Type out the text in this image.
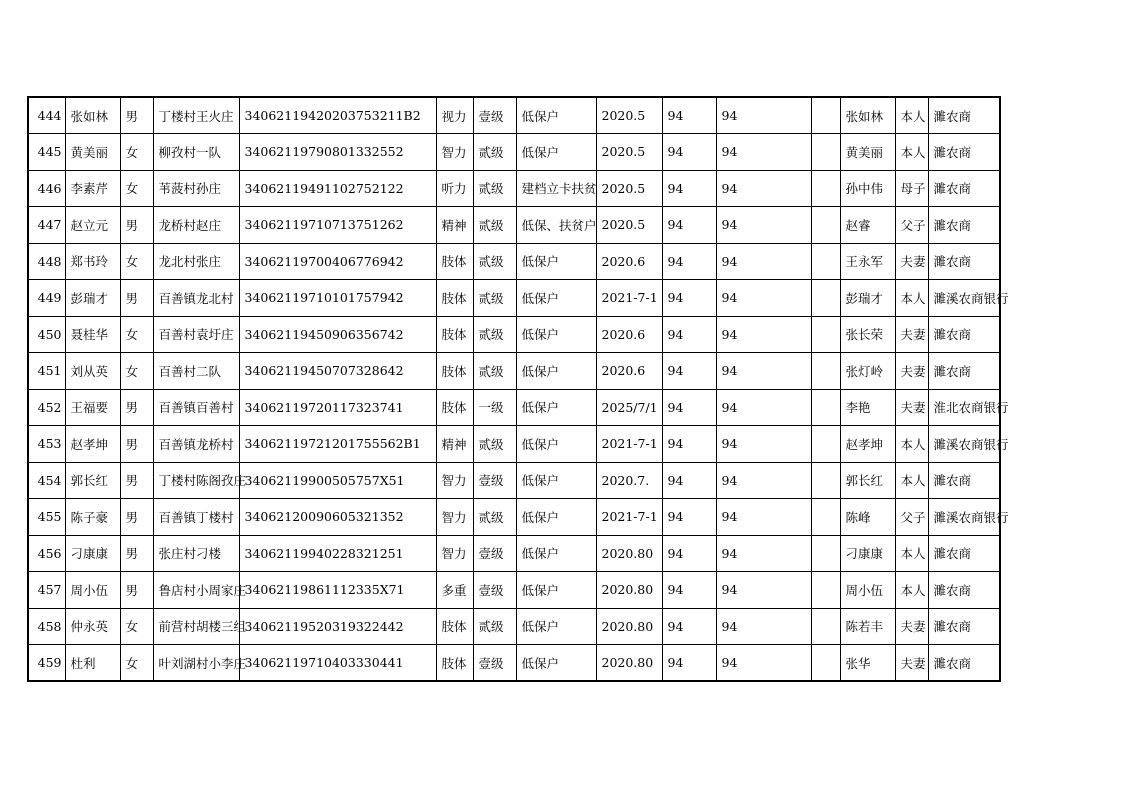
444	张如林	男	丁楼村王火庄	34062119420203753211B2	视力	壹级	低保户	2020.5	94	94		张如林	本人	濉农商
445	黄美丽	女	柳孜村一队	34062119790801332552	智力	贰级	低保户	2020.5	94	94		黄美丽	本人	濉农商
446	李素芹	女	苇菠村孙庄	34062119491102752122	听力	贰级	建档立卡扶贫	2020.5	94	94		孙中伟	母子	濉农商
447	赵立元	男	龙桥村赵庄	34062119710713751262	精神	贰级	低保、扶贫户	2020.5	94	94		赵睿	父子	濉农商
448	郑书玲	女	龙北村张庄	34062119700406776942	肢体	贰级	低保户	2020.6	94	94		王永军	夫妻	濉农商
449	彭瑞才	男	百善镇龙北村	34062119710101757942	肢体	贰级	低保户	2021-7-1	94	94		彭瑞才	本人	濉溪农商银行
450	聂桂华	女	百善村袁圩庄	34062119450906356742	肢体	贰级	低保户	2020.6	94	94		张长荣	夫妻	濉农商
451	刘从英	女	百善村二队	34062119450707328642	肢体	贰级	低保户	2020.6	94	94		张灯岭	夫妻	濉农商
452	王福要	男	百善镇百善村	34062119720117323741	肢体	一级	低保户	2025/7/1	94	94		李艳	夫妻	淮北农商银行
453	赵孝坤	男	百善镇龙桥村	34062119721201755562B1	精神	贰级	低保户	2021-7-1	94	94		赵孝坤	本人	濉溪农商银行
454	郭长红	男	丁楼村陈阁孜庄	34062119900505757X51	智力	壹级	低保户	2020.7.	94	94		郭长红	本人	濉农商
455	陈子豪	男	百善镇丁楼村	34062120090605321352	智力	贰级	低保户	2021-7-1	94	94		陈峰	父子	濉溪农商银行
456	刁康康	男	张庄村刁楼	34062119940228321251	智力	壹级	低保户	2020.80	94	94		刁康康	本人	濉农商
457	周小伍	男	鲁店村小周家庄	34062119861112335X71	多重	壹级	低保户	2020.80	94	94		周小伍	本人	濉农商
458	仲永英	女	前营村胡楼三组	34062119520319322442	肢体	贰级	低保户	2020.80	94	94		陈若丰	夫妻	濉农商
459	杜利	女	叶刘湖村小李庄	34062119710403330441	肢体	壹级	低保户	2020.80	94	94		张华	夫妻	濉农商
